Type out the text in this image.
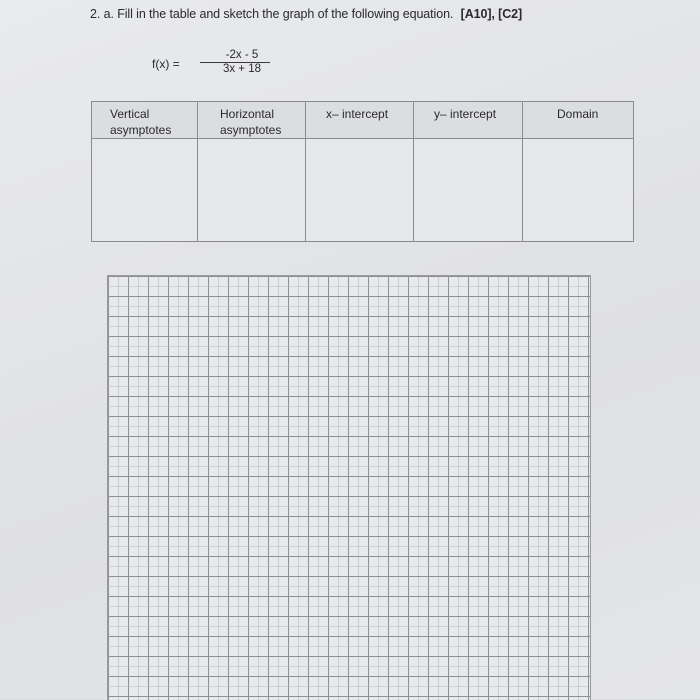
2. a. Fill in the table and sketch the graph of the following equation. [A10], [C2]
f(x) =
-2x - 5
3x + 18
Vertical asymptotes	Horizontal asymptotes	x– intercept	y– intercept	Domain
